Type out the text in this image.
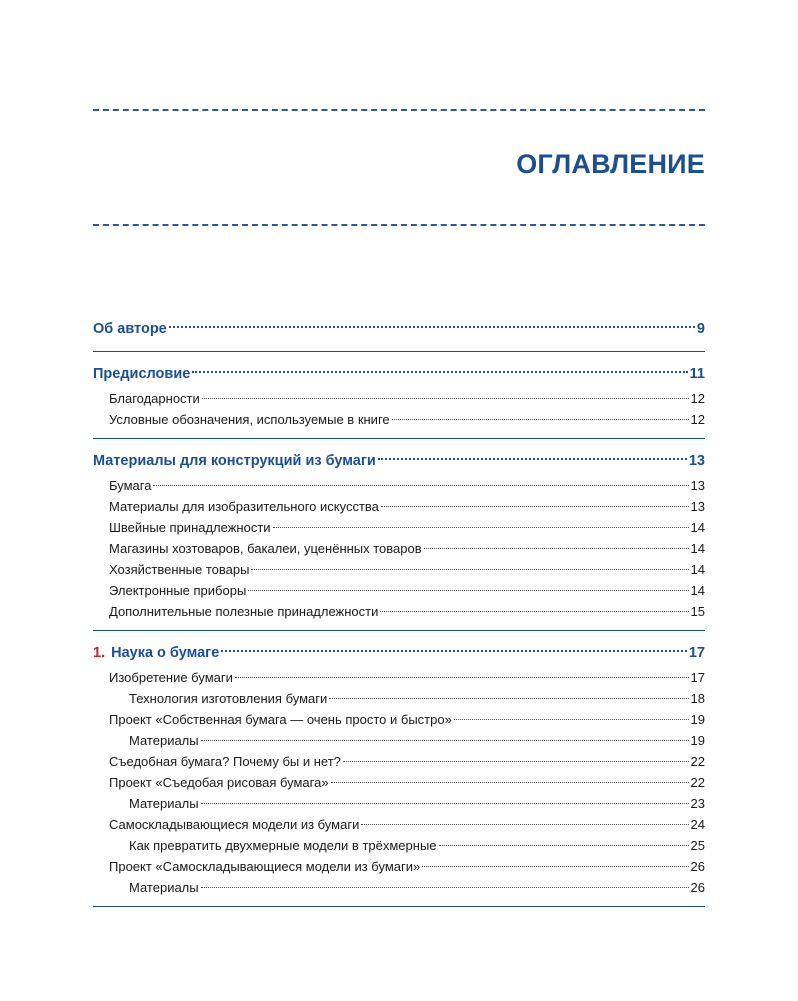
ОГЛАВЛЕНИЕ
Об авторе	9
Предисловие	11
Благодарности	12
Условные обозначения, используемые в книге	12
Материалы для конструкций из бумаги	13
Бумага	13
Материалы для изобразительного искусства	13
Швейные принадлежности	14
Магазины хозтоваров, бакалеи, уценённых товаров	14
Хозяйственные товары	14
Электронные приборы	14
Дополнительные полезные принадлежности	15
1. Наука о бумаге	17
Изобретение бумаги	17
Технология изготовления бумаги	18
Проект «Собственная бумага — очень просто и быстро»	19
Материалы	19
Съедобная бумага? Почему бы и нет?	22
Проект «Съедобая рисовая бумага»	22
Материалы	23
Самоскладывающиеся модели из бумаги	24
Как превратить двухмерные модели в трёхмерные	25
Проект «Самоскладывающиеся модели из бумаги»	26
Материалы	26
